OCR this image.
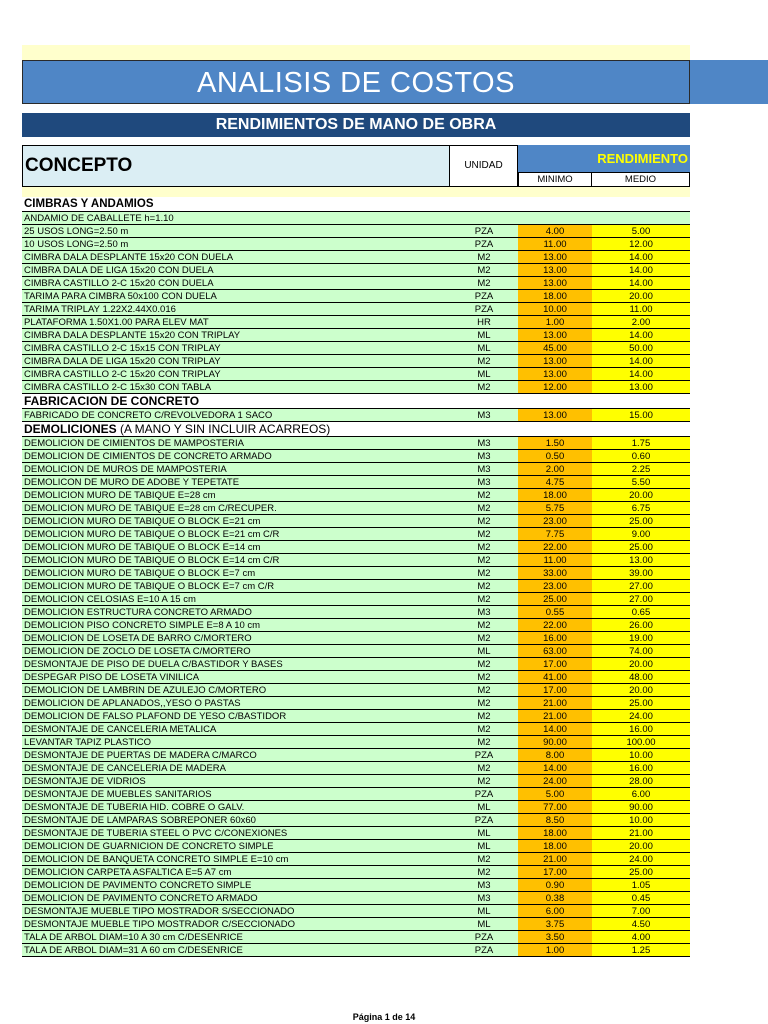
ANALISIS DE COSTOS
RENDIMIENTOS DE MANO DE OBRA
CONCEPTO	UNIDAD	RENDIMIENTO
MINIMO	MEDIO
CIMBRAS Y ANDAMIOS
ANDAMIO DE CABALLETE h=1.10
25 USOS LONG=2.50 m	PZA	4.00	5.00
10 USOS LONG=2.50 m	PZA	11.00	12.00
CIMBRA DALA DESPLANTE 15x20 CON DUELA	M2	13.00	14.00
CIMBRA DALA DE LIGA 15x20 CON DUELA	M2	13.00	14.00
CIMBRA CASTILLO 2-C 15x20 CON DUELA	M2	13.00	14.00
TARIMA PARA CIMBRA 50x100 CON DUELA	PZA	18.00	20.00
TARIMA TRIPLAY 1.22X2.44X0.016	PZA	10.00	11.00
PLATAFORMA 1.50X1.00 PARA ELEV MAT	HR	1.00	2.00
CIMBRA DALA DESPLANTE 15x20 CON TRIPLAY	ML	13.00	14.00
CIMBRA CASTILLO 2-C 15x15 CON TRIPLAY	ML	45.00	50.00
CIMBRA DALA DE LIGA 15x20 CON TRIPLAY	M2	13.00	14.00
CIMBRA CASTILLO 2-C 15x20 CON TRIPLAY	ML	13.00	14.00
CIMBRA CASTILLO 2-C 15x30 CON TABLA	M2	12.00	13.00
FABRICACION DE CONCRETO
FABRICADO DE CONCRETO C/REVOLVEDORA 1 SACO	M3	13.00	15.00
DEMOLICIONES (A MANO Y SIN INCLUIR ACARREOS)
DEMOLICION DE CIMIENTOS DE MAMPOSTERIA	M3	1.50	1.75
DEMOLICION DE CIMIENTOS DE CONCRETO ARMADO	M3	0.50	0.60
DEMOLICION DE MUROS DE MAMPOSTERIA	M3	2.00	2.25
DEMOLICON DE MURO DE ADOBE Y TEPETATE	M3	4.75	5.50
DEMOLICION MURO DE TABIQUE E=28 cm	M2	18.00	20.00
DEMOLICION MURO DE TABIQUE E=28 cm C/RECUPER.	M2	5.75	6.75
DEMOLICION MURO DE TABIQUE O BLOCK E=21 cm	M2	23.00	25.00
DEMOLICION MURO DE TABIQUE O BLOCK E=21 cm C/R	M2	7.75	9.00
DEMOLICION MURO DE TABIQUE O BLOCK E=14 cm	M2	22.00	25.00
DEMOLICION MURO DE TABIQUE O BLOCK E=14 cm C/R	M2	11.00	13.00
DEMOLICION MURO DE TABIQUE O BLOCK E=7 cm	M2	33.00	39.00
DEMOLICION MURO DE TABIQUE O BLOCK E=7 cm C/R	M2	23.00	27.00
DEMOLICION CELOSIAS E=10 A 15 cm	M2	25.00	27.00
DEMOLICION ESTRUCTURA CONCRETO ARMADO	M3	0.55	0.65
DEMOLICION PISO CONCRETO SIMPLE E=8 A 10 cm	M2	22.00	26.00
DEMOLICION DE LOSETA DE BARRO C/MORTERO	M2	16.00	19.00
DEMOLICION DE ZOCLO DE LOSETA C/MORTERO	ML	63.00	74.00
DESMONTAJE DE PISO DE DUELA C/BASTIDOR Y BASES	M2	17.00	20.00
DESPEGAR PISO DE LOSETA VINILICA	M2	41.00	48.00
DEMOLICION DE LAMBRIN DE AZULEJO C/MORTERO	M2	17.00	20.00
DEMOLICION DE APLANADOS,,YESO O PASTAS	M2	21.00	25.00
DEMOLICION DE FALSO PLAFOND DE YESO C/BASTIDOR	M2	21.00	24.00
DESMONTAJE DE CANCELERIA METALICA	M2	14.00	16.00
LEVANTAR TAPIZ PLASTICO	M2	90.00	100.00
DESMONTAJE DE PUERTAS DE MADERA C/MARCO	PZA	8.00	10.00
DESMONTAJE DE CANCELERIA DE MADERA	M2	14.00	16.00
DESMONTAJE DE VIDRIOS	M2	24.00	28.00
DESMONTAJE DE MUEBLES SANITARIOS	PZA	5.00	6.00
DESMONTAJE DE TUBERIA HID. COBRE O GALV.	ML	77.00	90.00
DESMONTAJE DE LAMPARAS SOBREPONER 60x60	PZA	8.50	10.00
DESMONTAJE DE TUBERIA STEEL O PVC C/CONEXIONES	ML	18.00	21.00
DEMOLICION DE GUARNICION DE CONCRETO SIMPLE	ML	18.00	20.00
DEMOLICION DE BANQUETA CONCRETO SIMPLE E=10 cm	M2	21.00	24.00
DEMOLICION CARPETA ASFALTICA E=5 A7 cm	M2	17.00	25.00
DEMOLICION DE PAVIMENTO CONCRETO SIMPLE	M3	0.90	1.05
DEMOLICION DE PAVIMENTO CONCRETO ARMADO	M3	0.38	0.45
DESMONTAJE MUEBLE TIPO MOSTRADOR S/SECCIONADO	ML	6.00	7.00
DESMONTAJE MUEBLE TIPO MOSTRADOR C/SECCIONADO	ML	3.75	4.50
TALA DE ARBOL DIAM=10 A 30 cm C/DESENRICE	PZA	3.50	4.00
TALA DE ARBOL DIAM=31 A 60 cm C/DESENRICE	PZA	1.00	1.25
Página 1 de 14
